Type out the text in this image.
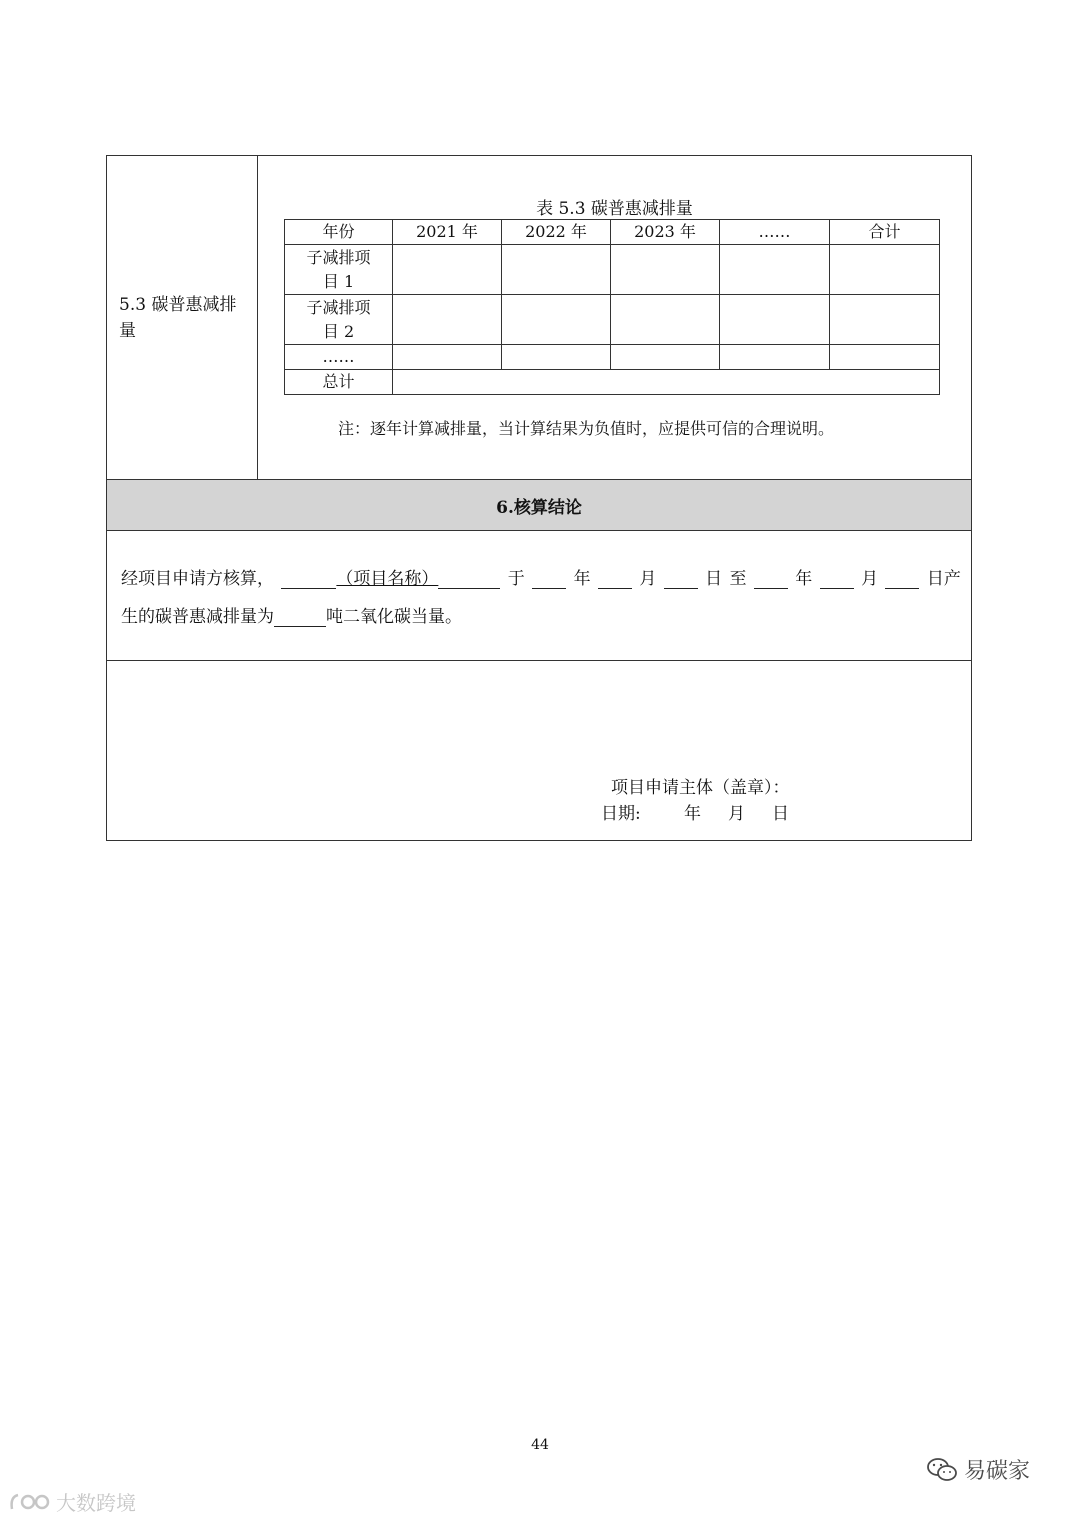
5.3 碳普惠减排量
表 5.3 碳普惠减排量
年份	2021 年	2022 年	2023 年	……	合计
子减排项目 1					
子减排项目 2					
……					
总计					
注：逐年计算减排量，当计算结果为负值时，应提供可信的合理说明。
6.核算结论
经项目申请方核算，	（项目名称）	于	年	月	日 至	年	月	日产
生的碳普惠减排量为	吨二氧化碳当量。
项目申请主体（盖章）：
日期:        年     月     日
44
大数跨境
易碳家
